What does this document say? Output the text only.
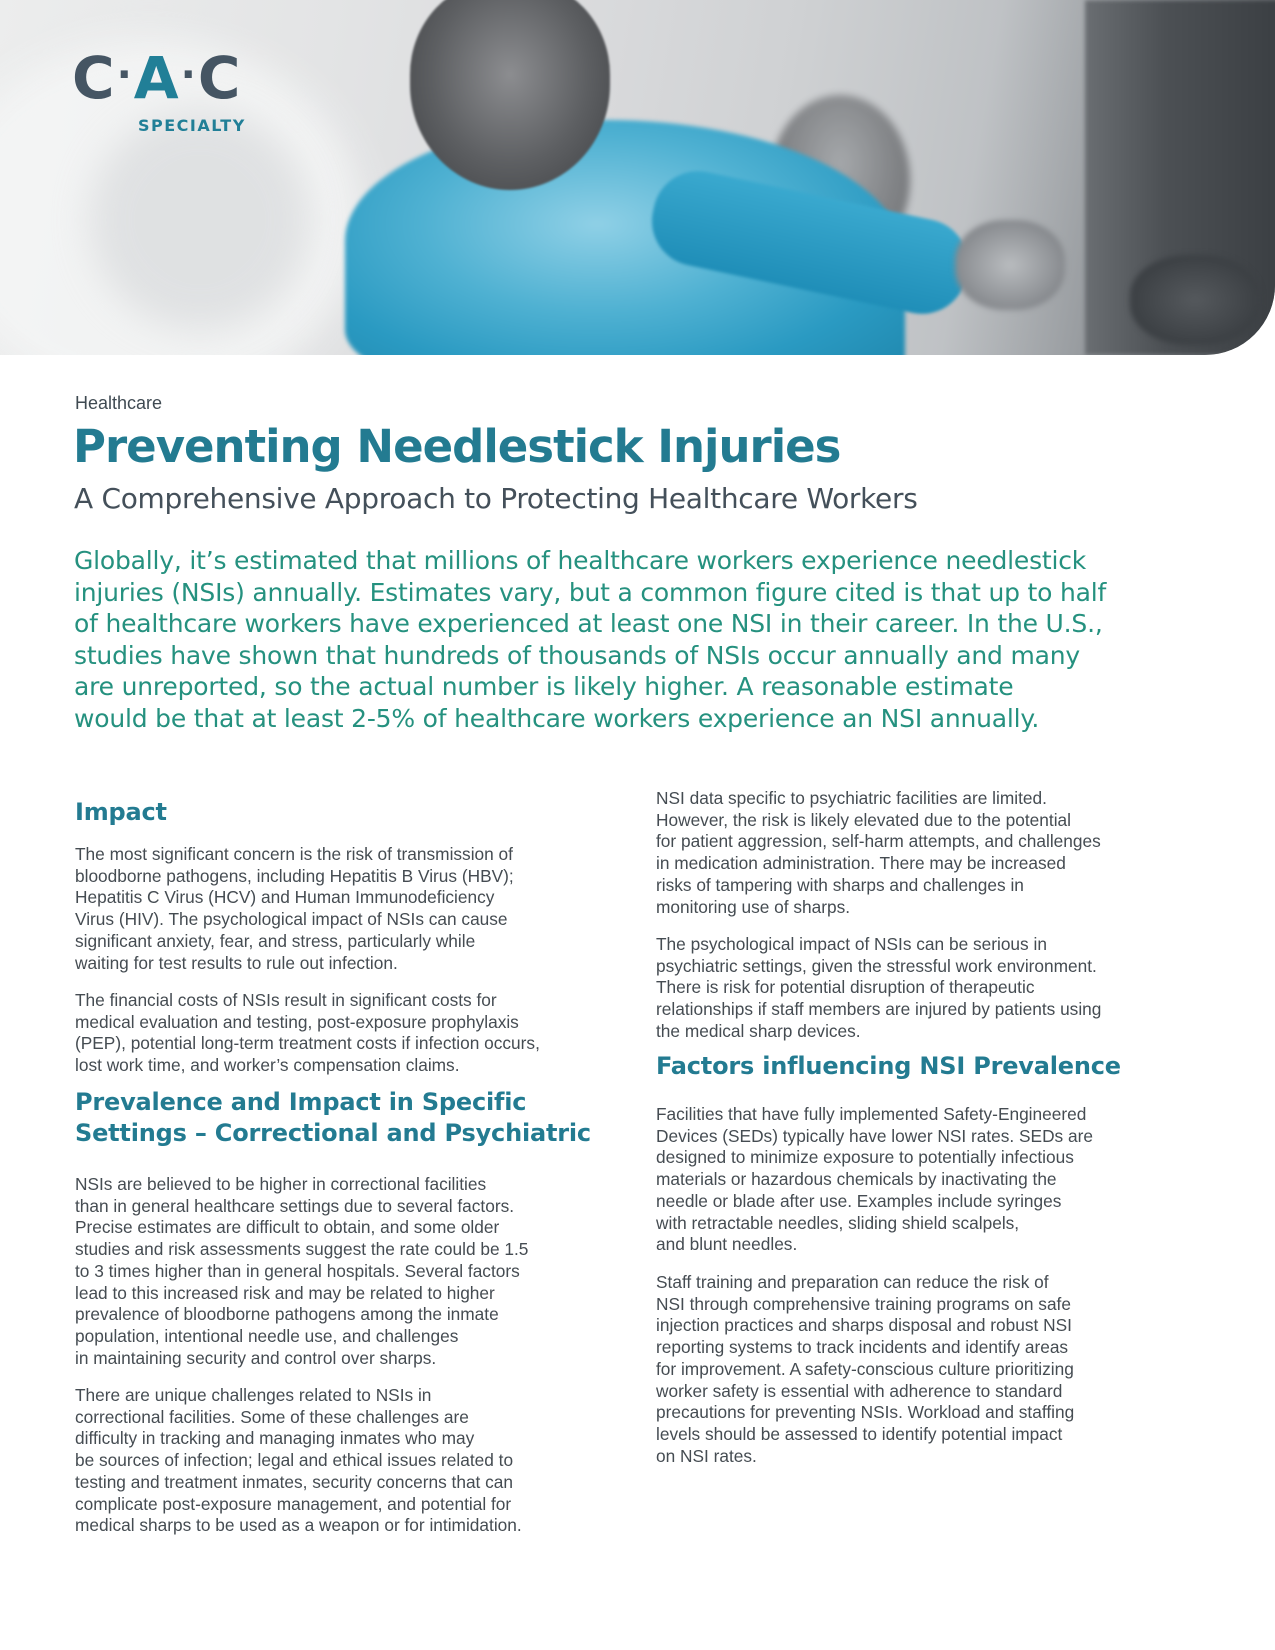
C·A·C
SPECIALTY
Healthcare
Preventing Needlestick Injuries
A Comprehensive Approach to Protecting Healthcare Workers

Globally, it’s estimated that millions of healthcare workers experience needlestick
injuries (NSIs) annually. Estimates vary, but a common figure cited is that up to half
of healthcare workers have experienced at least one NSI in their career. In the U.S.,
studies have shown that hundreds of thousands of NSIs occur annually and many
are unreported, so the actual number is likely higher. A reasonable estimate
would be that at least 2-5% of healthcare workers experience an NSI annually.

Impact

The most significant concern is the risk of transmission of
bloodborne pathogens, including Hepatitis B Virus (HBV);
Hepatitis C Virus (HCV) and Human Immunodeficiency
Virus (HIV). The psychological impact of NSIs can cause
significant anxiety, fear, and stress, particularly while
waiting for test results to rule out infection.

The financial costs of NSIs result in significant costs for
medical evaluation and testing, post-exposure prophylaxis
(PEP), potential long-term treatment costs if infection occurs,
lost work time, and worker’s compensation claims.

Prevalence and Impact in Specific
Settings – Correctional and Psychiatric

NSIs are believed to be higher in correctional facilities
than in general healthcare settings due to several factors.
Precise estimates are difficult to obtain, and some older
studies and risk assessments suggest the rate could be 1.5
to 3 times higher than in general hospitals. Several factors
lead to this increased risk and may be related to higher
prevalence of bloodborne pathogens among the inmate
population, intentional needle use, and challenges
in maintaining security and control over sharps.

There are unique challenges related to NSIs in
correctional facilities. Some of these challenges are
difficulty in tracking and managing inmates who may
be sources of infection; legal and ethical issues related to
testing and treatment inmates, security concerns that can
complicate post-exposure management, and potential for
medical sharps to be used as a weapon or for intimidation.

NSI data specific to psychiatric facilities are limited.
However, the risk is likely elevated due to the potential
for patient aggression, self-harm attempts, and challenges
in medication administration. There may be increased
risks of tampering with sharps and challenges in
monitoring use of sharps.

The psychological impact of NSIs can be serious in
psychiatric settings, given the stressful work environment.
There is risk for potential disruption of therapeutic
relationships if staff members are injured by patients using
the medical sharp devices.

Factors influencing NSI Prevalence

Facilities that have fully implemented Safety-Engineered
Devices (SEDs) typically have lower NSI rates. SEDs are
designed to minimize exposure to potentially infectious
materials or hazardous chemicals by inactivating the
needle or blade after use. Examples include syringes
with retractable needles, sliding shield scalpels,
and blunt needles.

Staff training and preparation can reduce the risk of
NSI through comprehensive training programs on safe
injection practices and sharps disposal and robust NSI
reporting systems to track incidents and identify areas
for improvement. A safety-conscious culture prioritizing
worker safety is essential with adherence to standard
precautions for preventing NSIs. Workload and staffing
levels should be assessed to identify potential impact
on NSI rates.
